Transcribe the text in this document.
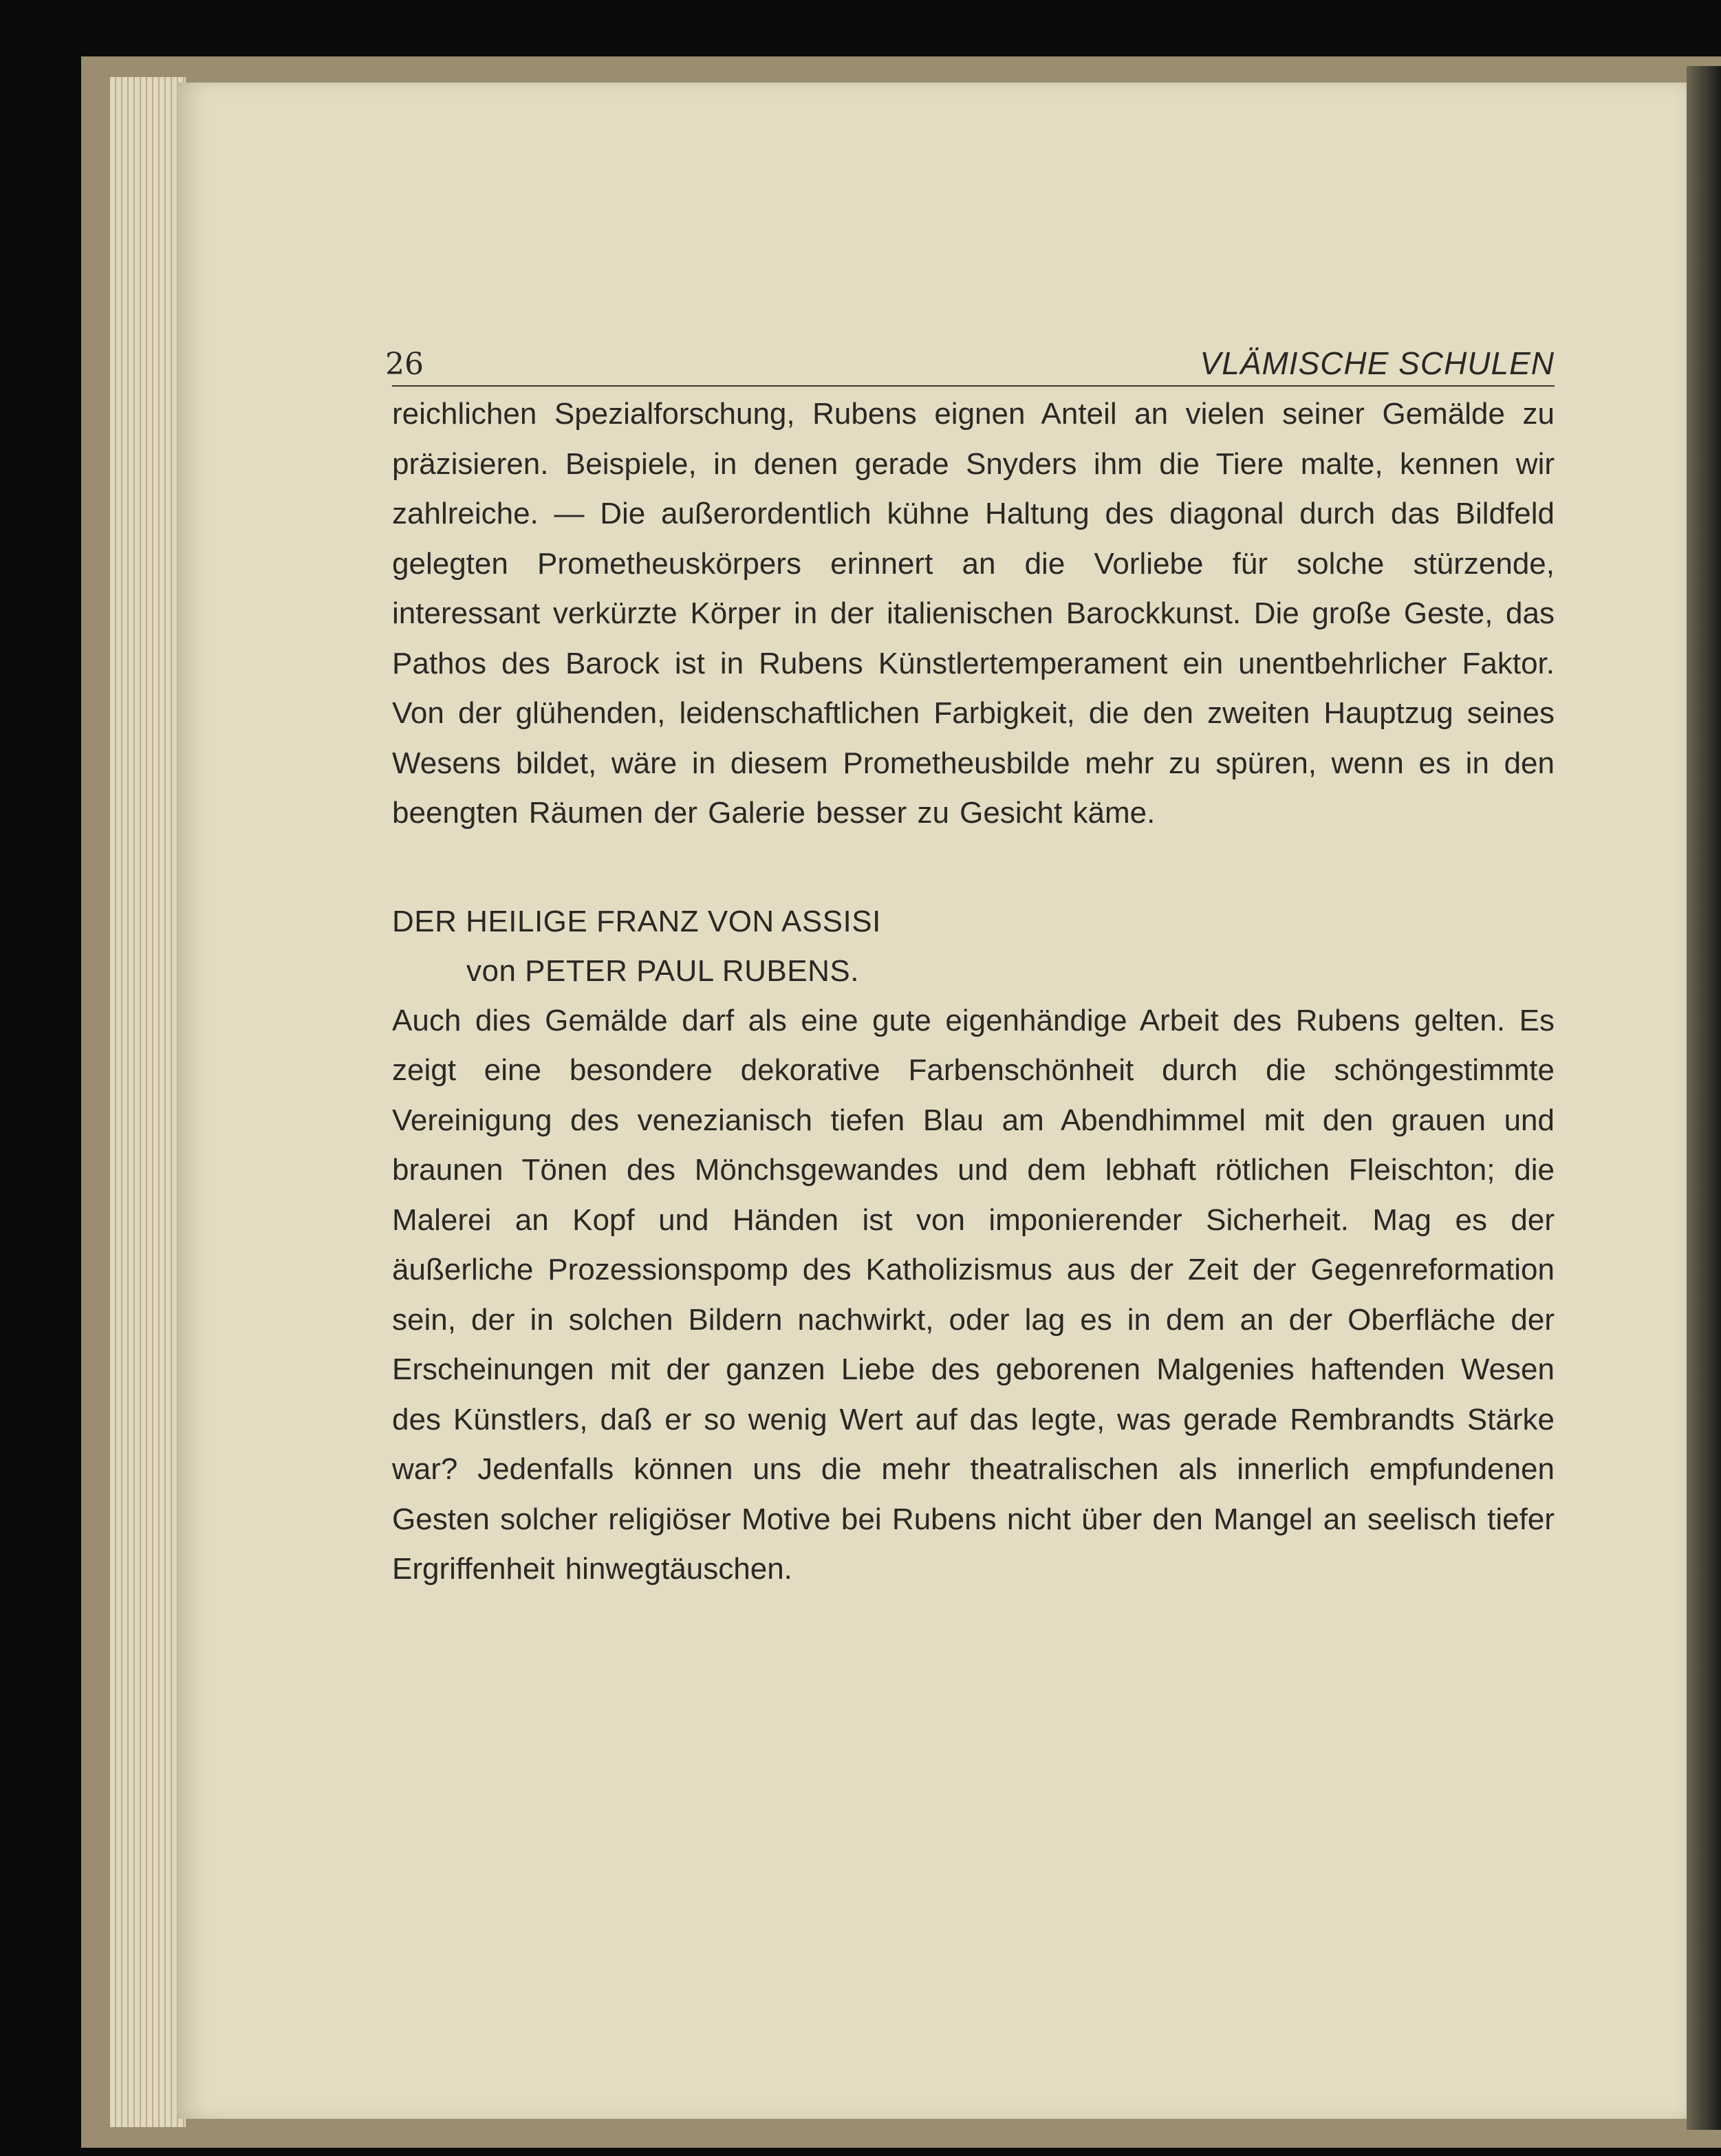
26	VLÄMISCHE SCHULEN

reichlichen Spezialforschung, Rubens eignen Anteil an vielen seiner Gemälde zu präzisieren. Beispiele, in denen gerade Snyders ihm die Tiere malte, kennen wir zahlreiche. — Die außerordentlich kühne Haltung des diagonal durch das Bildfeld gelegten Prometheuskörpers erinnert an die Vorliebe für solche stürzende, interessant verkürzte Körper in der italienischen Barockkunst. Die große Geste, das Pathos des Barock ist in Rubens Künstlertemperament ein unentbehrlicher Faktor. Von der glühenden, leidenschaftlichen Farbigkeit, die den zweiten Hauptzug seines Wesens bildet, wäre in diesem Prometheusbilde mehr zu spüren, wenn es in den beengten Räumen der Galerie besser zu Gesicht käme.

DER HEILIGE FRANZ VON ASSISI
von PETER PAUL RUBENS.

Auch dies Gemälde darf als eine gute eigenhändige Arbeit des Rubens gelten. Es zeigt eine besondere dekorative Farbenschönheit durch die schöngestimmte Vereinigung des venezianisch tiefen Blau am Abendhimmel mit den grauen und braunen Tönen des Mönchsgewandes und dem lebhaft rötlichen Fleischton; die Malerei an Kopf und Händen ist von imponierender Sicherheit. Mag es der äußerliche Prozessionspomp des Katholizismus aus der Zeit der Gegenreformation sein, der in solchen Bildern nachwirkt, oder lag es in dem an der Oberfläche der Erscheinungen mit der ganzen Liebe des geborenen Malgenies haftenden Wesen des Künstlers, daß er so wenig Wert auf das legte, was gerade Rembrandts Stärke war? Jedenfalls können uns die mehr theatralischen als innerlich empfundenen Gesten solcher religiöser Motive bei Rubens nicht über den Mangel an seelisch tiefer Ergriffenheit hinwegtäuschen.
